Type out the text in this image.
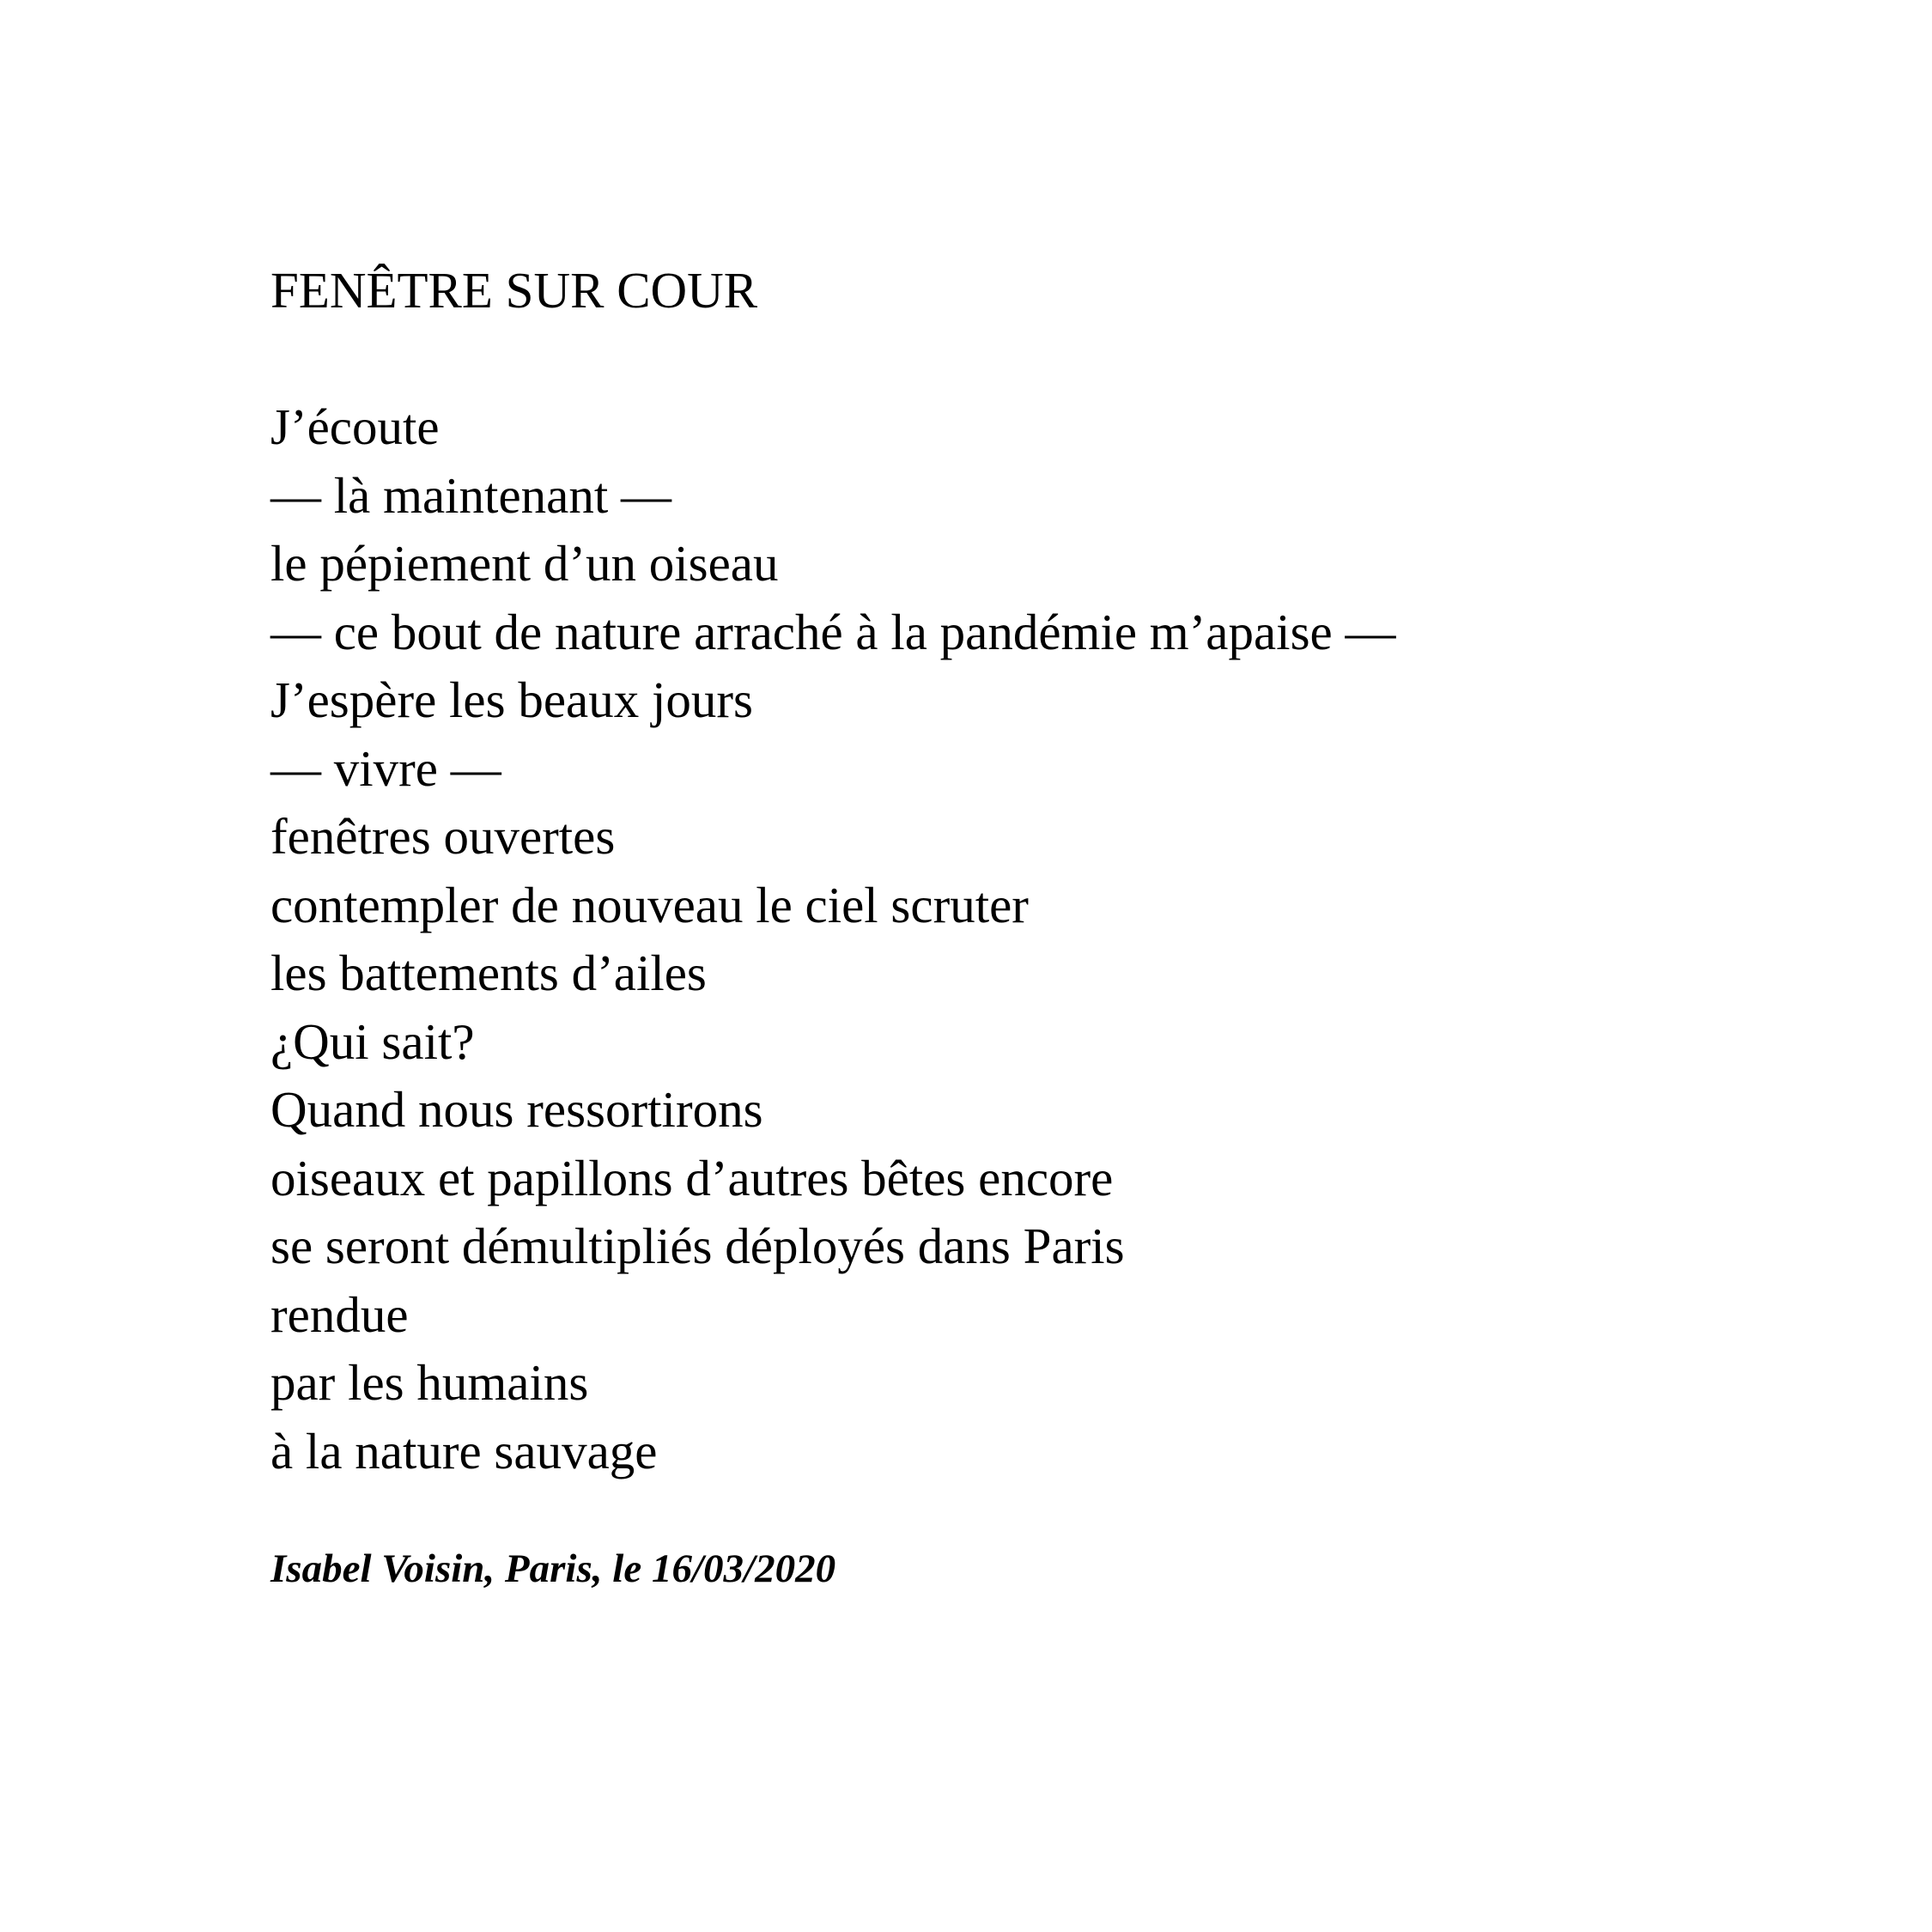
FENÊTRE SUR COUR
J’écoute
— là maintenant —
le pépiement d’un oiseau
— ce bout de nature arraché à la pandémie m’apaise —
J’espère les beaux jours
— vivre —
fenêtres ouvertes
contempler de nouveau le ciel scruter
les battements d’ailes
¿Qui sait?
Quand nous ressortirons
oiseaux et papillons d’autres bêtes encore
se seront démultipliés déployés dans Paris
rendue
par les humains
à la nature sauvage
Isabel Voisin, Paris, le 16/03/2020
